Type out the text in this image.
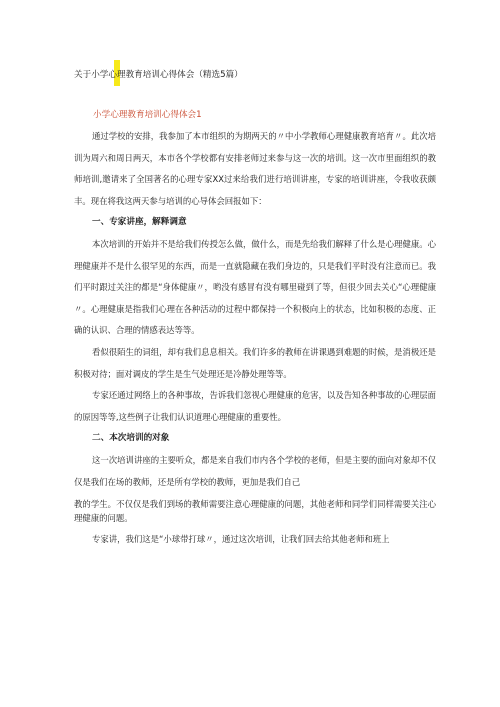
关于小学心理教育培训心得体会（精选5篇）
小学心理教育培训心得体会1

通过学校的安排，我参加了本市组织的为期两天的〃中小学教师心理健康教育培育〃。此次培训为周六和周日两天，本市各个学校都有安排老师过来参与这一次的培训。这一次市里面组织的教师培训,邀请来了全国著名的心理专家XX过来给我们进行培训讲座，专家的培训讲座，令我收获颇丰。现在将我这两天参与培训的心导体会回报如下：

一、专家讲座，解释调意

本次培训的开始并不是给我们传授怎么做，做什么，而是先给我们解释了什么是心理健康。心理健康并不是什么很罕见的东西，而是一直就隐藏在我们身边的，只是我们平时没有注意而已。我们平时跟过关注的都是“身体健康〃，哟没有感冒有没有哪里碰到了等，但很少回去关心“心理健康〃。心理健康是指我们心理在各种活动的过程中都保持一个积极向上的状态，比如积极的态度、正确的认识、合理的情感表达等等。

看似很陌生的词组，却有我们息息相关。我们许多的教师在讲课遇到难题的时候，是消极还是积极对待；面对调皮的学生是生气处理还是冷静处理等等。

专家还通过网络上的各种事故，告诉我们忽视心理健康的危害，以及告知各种事故的心理层面的原因等等,这些例子让我们认识道理心理健康的重要性。

二、本次培训的对象

这一次培训讲座的主要听众，都是来自我们市内各个学校的老师，但是主要的面向对象却不仅仅是我们在场的教师，还是所有学校的教师，更加是我们自己

教的学生。不仅仅是我们到场的教师需要注意心理健康的问题，其他老师和同学们同样需要关注心理健康的问题。

专家讲，我们这是“小球带打球〃，通过这次培训，让我们回去给其他老师和班上
